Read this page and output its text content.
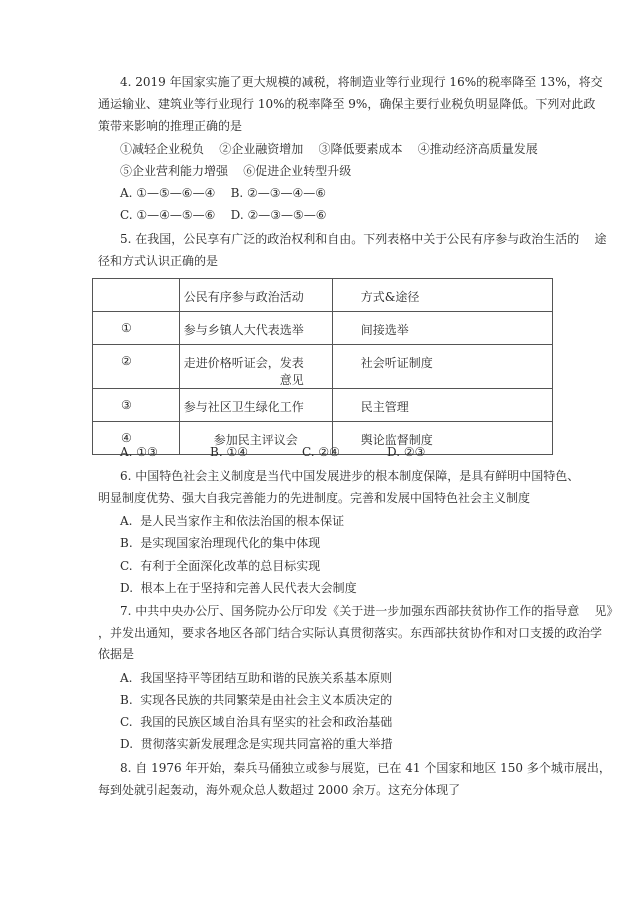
4. 2019 年国家实施了更大规模的减税，将制造业等行业现行 16%的税率降至 13%，将交
通运输业、建筑业等行业现行 10%的税率降至 9%，确保主要行业税负明显降低。下列对此政
策带来影响的推理正确的是
①减轻企业税负    ②企业融资增加    ③降低要素成本    ④推动经济高质量发展
⑤企业营利能力增强    ⑥促进企业转型升级
A. ①—⑤—⑥—④    B. ②—③—④—⑥
C. ①—④—⑤—⑥    D. ②—③—⑤—⑥
5. 在我国，公民享有广泛的政治权利和自由。下列表格中关于公民有序参与政治生活的    途
径和方式认识正确的是

	公民有序参与政治活动	方式&途径

①	参与乡镇人大代表选举	间接选举

②	走进价格听证会，发表意见	社会听证制度

③	参与社区卫生绿化工作	民主管理

④	参加民主评议会	舆论监督制度
A. ①③	B. ①④	C. ②④	D. ②③
6. 中国特色社会主义制度是当代中国发展进步的根本制度保障，是具有鲜明中国特色、
明显制度优势、强大自我完善能力的先进制度。完善和发展中国特色社会主义制度
A.  是人民当家作主和依法治国的根本保证
B.  是实现国家治理现代化的集中体现
C.  有利于全面深化改革的总目标实现
D.  根本上在于坚持和完善人民代表大会制度
7. 中共中央办公厅、国务院办公厅印发《关于进一步加强东西部扶贫协作工作的指导意    见》
，并发出通知，要求各地区各部门结合实际认真贯彻落实。东西部扶贫协作和对口支援的政治学
依据是
A.  我国坚持平等团结互助和谐的民族关系基本原则
B.  实现各民族的共同繁荣是由社会主义本质决定的
C.  我国的民族区域自治具有坚实的社会和政治基础
D.  贯彻落实新发展理念是实现共同富裕的重大举措
8. 自 1976 年开始，秦兵马俑独立或参与展览，已在 41 个国家和地区 150 多个城市展出，
每到处就引起轰动，海外观众总人数超过 2000 余万。这充分体现了
